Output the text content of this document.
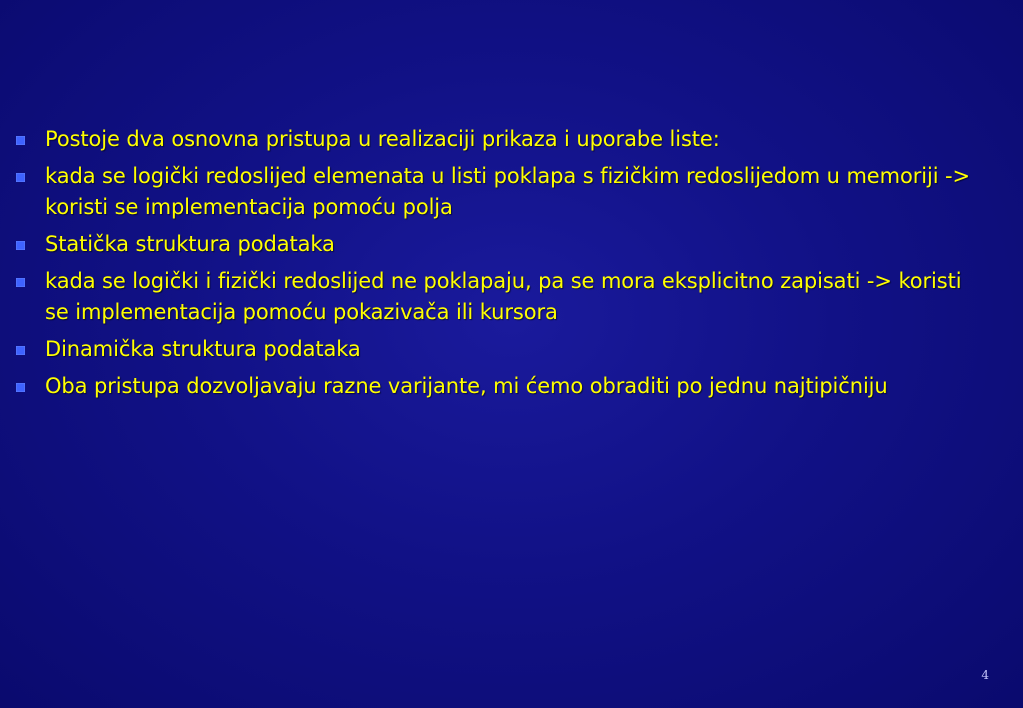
Postoje dva osnovna pristupa u realizaciji prikaza i uporabe liste:
kada se logički redoslijed elemenata u listi poklapa s fizičkim redoslijedom u memoriji -> koristi se implementacija pomoću polja
Statička struktura podataka
kada se logički i fizički redoslijed ne poklapaju, pa se mora eksplicitno zapisati -> koristi se implementacija pomoću pokazivača ili kursora
Dinamička struktura podataka
Oba pristupa dozvoljavaju razne varijante, mi ćemo obraditi po jednu najtipičniju
4
